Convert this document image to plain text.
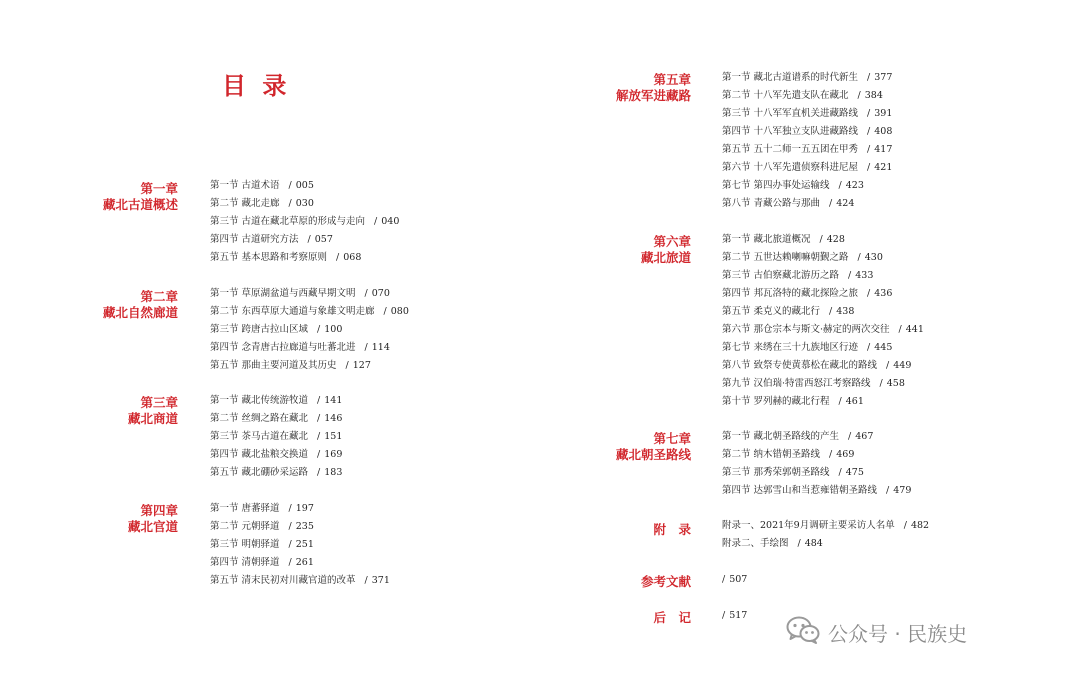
目 录
第一章
藏北古道概述
第一节 古道术语 / 005
第二节 藏北走廊 / 030
第三节 古道在藏北草原的形成与走向 / 040
第四节 古道研究方法 / 057
第五节 基本思路和考察原则 / 068
第二章
藏北自然廊道
第一节 草原湖盆道与西藏早期文明 / 070
第二节 东西草原大通道与象雄文明走廊 / 080
第三节 跨唐古拉山区域 / 100
第四节 念青唐古拉廊道与吐蕃北进 / 114
第五节 那曲主要河道及其历史 / 127
第三章
藏北商道
第一节 藏北传统游牧道 / 141
第二节 丝绸之路在藏北 / 146
第三节 茶马古道在藏北 / 151
第四节 藏北盐粮交换道 / 169
第五节 藏北硼砂采运路 / 183
第四章
藏北官道
第一节 唐蕃驿道 / 197
第二节 元朝驿道 / 235
第三节 明朝驿道 / 251
第四节 清朝驿道 / 261
第五节 清末民初对川藏官道的改革 / 371
第五章
解放军进藏路
第一节 藏北古道谱系的时代新生 / 377
第二节 十八军先遣支队在藏北 / 384
第三节 十八军军直机关进藏路线 / 391
第四节 十八军独立支队进藏路线 / 408
第五节 五十二师一五五团在甲秀 / 417
第六节 十八军先遣侦察科进尼屋 / 421
第七节 第四办事处运输线 / 423
第八节 青藏公路与那曲 / 424
第六章
藏北旅道
第一节 藏北旅道概况 / 428
第二节 五世达赖喇嘛朝觐之路 / 430
第三节 古伯察藏北游历之路 / 433
第四节 邦瓦洛特的藏北探险之旅 / 436
第五节 柔克义的藏北行 / 438
第六节 那仓宗本与斯文·赫定的两次交往 / 441
第七节 来绣在三十九族地区行迹 / 445
第八节 致祭专使黄慕松在藏北的路线 / 449
第九节 汉伯瑞·特雷西怒江考察路线 / 458
第十节 罗列赫的藏北行程 / 461
第七章
藏北朝圣路线
第一节 藏北朝圣路线的产生 / 467
第二节 纳木错朝圣路线 / 469
第三节 那秀荣郭朝圣路线 / 475
第四节 达郭雪山和当惹雍错朝圣路线 / 479
附　录	附录一、2021年9月调研主要采访人名单 / 482
附录二、手绘图 / 484
参考文献	/ 507
后　记	/ 517
公众号 · 民族史
